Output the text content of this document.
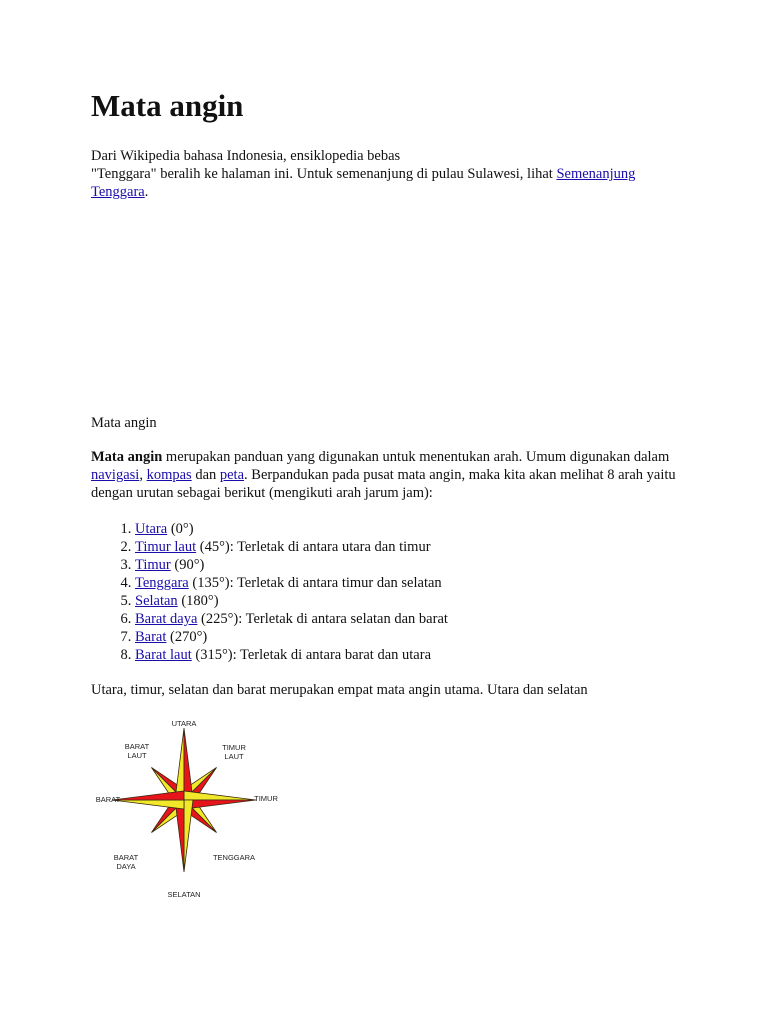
Mata angin
Dari Wikipedia bahasa Indonesia, ensiklopedia bebas
"Tenggara" beralih ke halaman ini. Untuk semenanjung di pulau Sulawesi, lihat Semenanjung Tenggara.
Mata angin

Mata angin merupakan panduan yang digunakan untuk menentukan arah. Umum digunakan dalam navigasi, kompas dan peta. Berpandukan pada pusat mata angin, maka kita akan melihat 8 arah yaitu dengan urutan sebagai berikut (mengikuti arah jarum jam):

1. Utara (0°)
2. Timur laut (45°): Terletak di antara utara dan timur
3. Timur (90°)
4. Tenggara (135°): Terletak di antara timur dan selatan
5. Selatan (180°)
6. Barat daya (225°): Terletak di antara selatan dan barat
7. Barat (270°)
8. Barat laut (315°): Terletak di antara barat dan utara
Utara, timur, selatan dan barat merupakan empat mata angin utama. Utara dan selatan
UTARA
TIMUR
LAUT
TIMUR
TENGGARA
SELATAN
BARAT
DAYA
BARAT
BARAT
LAUT
